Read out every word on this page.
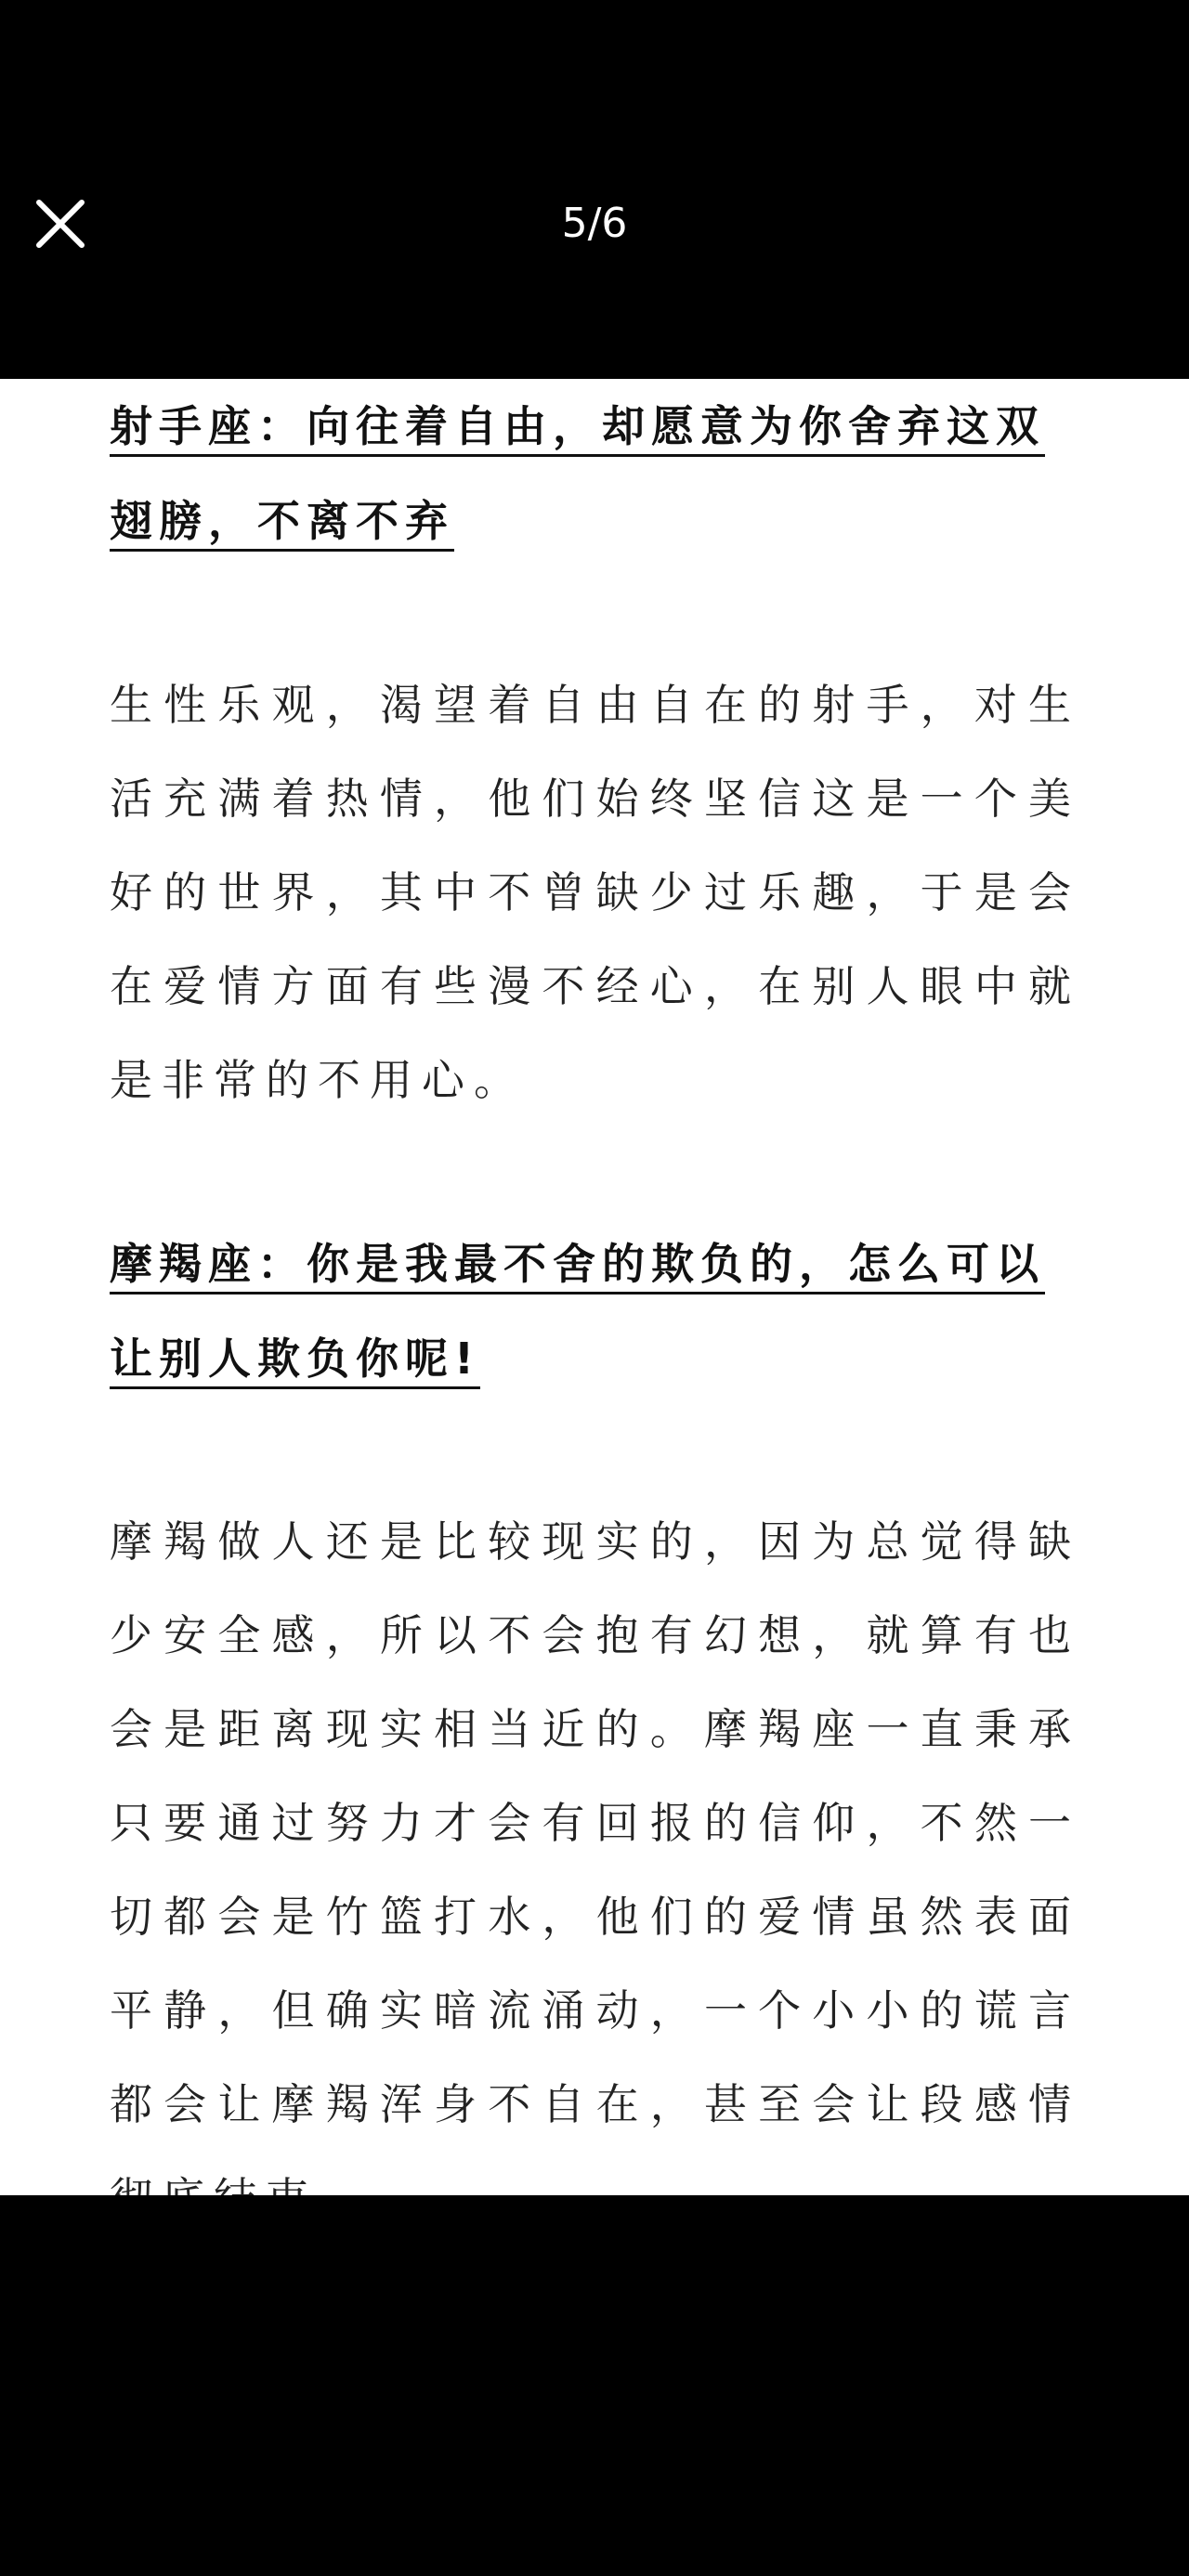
5/6
射手座：向往着自由，却愿意为你舍弃这双翅膀，不离不弃

生性乐观，渴望着自由自在的射手，对生活充满着热情，他们始终坚信这是一个美好的世界，其中不曾缺少过乐趣，于是会在爱情方面有些漫不经心，在别人眼中就是非常的不用心。

摩羯座：你是我最不舍的欺负的，怎么可以让别人欺负你呢!

摩羯做人还是比较现实的，因为总觉得缺少安全感，所以不会抱有幻想，就算有也会是距离现实相当近的。摩羯座一直秉承只要通过努力才会有回报的信仰，不然一切都会是竹篮打水，他们的爱情虽然表面平静，但确实暗流涌动，一个小小的谎言都会让摩羯浑身不自在，甚至会让段感情
